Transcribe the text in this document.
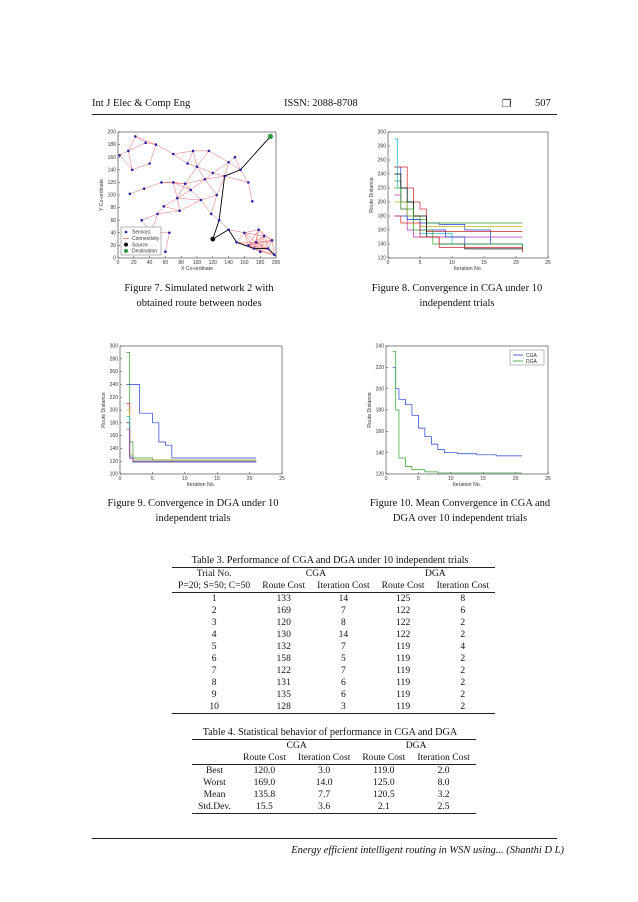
Int J Elec & Comp Eng	ISSN: 2088-8708	❐ 507
0 20 40 60 80 100 120 140 160 180 200
0
20
40
60
80
100
120
140
160
180
200
X Co-ordinate
Y Co-ordinate
Sensors
Connectivity
Source
Destination
0	5	10	15	20	25
120
140
160
180
200
220
240
260
280
300
Iteration No.
Route Distance
0	5	10	15	20	25
100
120
140
160
180
200
220
240
260
280
300
Iteration No.
Route Distance
0	5	10	15	20	25
120
140
160
180
200
220
240
Iteration No.
Route Distance
CGA
DGA
Figure 7. Simulated network 2 with
obtained route between nodes
Figure 8. Convergence in CGA under 10
independent trials
Figure 9. Convergence in DGA under 10
independent trials
Figure 10. Mean Convergence in CGA and
DGA over 10 independent trials
Table 3. Performance of CGA and DGA under 10 independent trials
Trial No.	CGA		DGA	
P=20; S=50; C=50	Route Cost	Iteration Cost	Route Cost	Iteration Cost
1	133	14	125	8
2	169	7	122	6
3	120	8	122	2
4	130	14	122	2
5	132	7	119	4
6	158	5	119	2
7	122	7	119	2
8	131	6	119	2
9	135	6	119	2
10	128	3	119	2
Table 4. Statistical behavior of performance in CGA and DGA
	CGA		DGA	
	Route Cost	Iteration Cost	Route Cost	Iteration Cost
Best	120.0	3.0	119.0	2.0
Worst	169.0	14.0	125.0	8.0
Mean	135.8	7.7	120.5	3.2
Std.Dev.	15.5	3.6	2.1	2.5
Energy efficient intelligent routing in WSN using... (Shanthi D L)
